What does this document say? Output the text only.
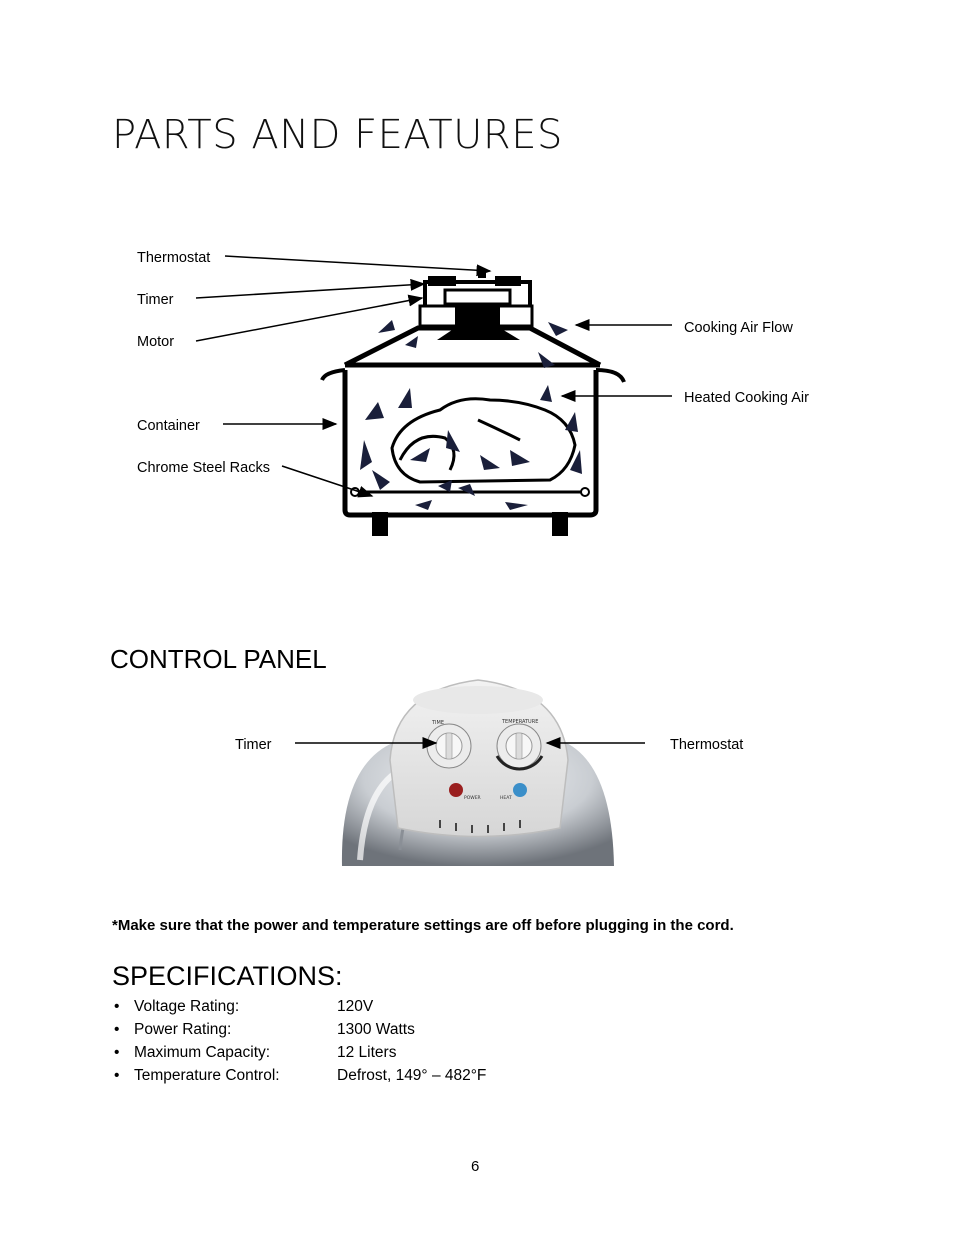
PARTS AND FEATURES
TIME	TEMPERATURE
POWER	HEAT
Thermostat
Timer
Motor
Container
Chrome Steel Racks
Cooking Air Flow
Heated Cooking Air
CONTROL PANEL
Timer	Thermostat
*Make sure that the power and temperature settings are off before plugging in the cord.
SPECIFICATIONS:
• Voltage Rating:	120V
• Power Rating:	1300 Watts
• Maximum Capacity:	12 Liters
• Temperature Control:	Defrost, 149° – 482°F
6
